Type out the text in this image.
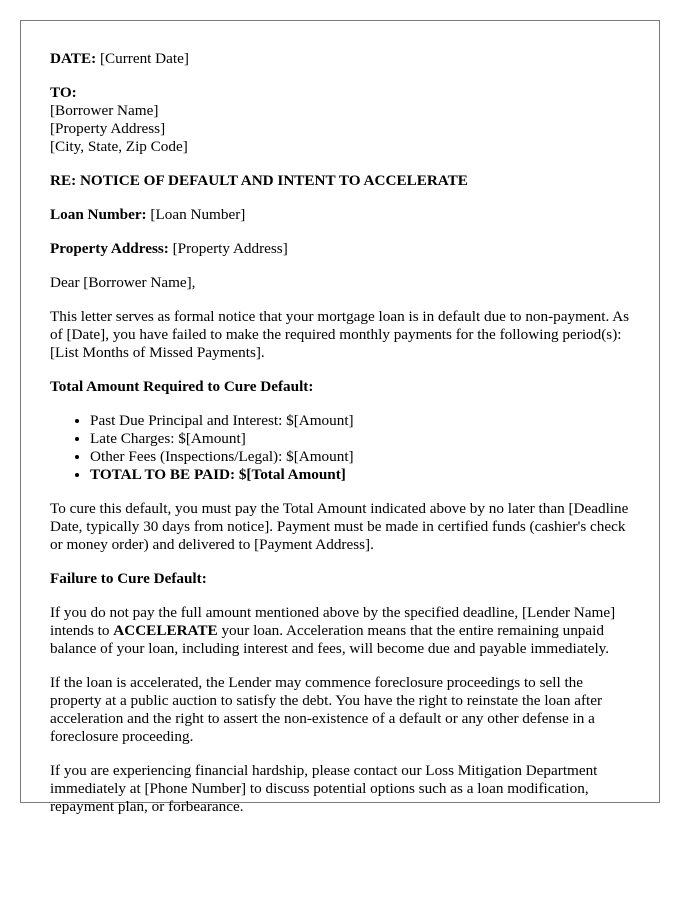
DATE: [Current Date]

TO:
[Borrower Name]
[Property Address]
[City, State, Zip Code]

RE: NOTICE OF DEFAULT AND INTENT TO ACCELERATE

Loan Number: [Loan Number]

Property Address: [Property Address]

Dear [Borrower Name],

This letter serves as formal notice that your mortgage loan is in default due to non-payment. As of [Date], you have failed to make the required monthly payments for the following period(s): [List Months of Missed Payments].

Total Amount Required to Cure Default:

• Past Due Principal and Interest: $[Amount]
• Late Charges: $[Amount]
• Other Fees (Inspections/Legal): $[Amount]
• TOTAL TO BE PAID: $[Total Amount]

To cure this default, you must pay the Total Amount indicated above by no later than [Deadline Date, typically 30 days from notice]. Payment must be made in certified funds (cashier's check or money order) and delivered to [Payment Address].

Failure to Cure Default:

If you do not pay the full amount mentioned above by the specified deadline, [Lender Name] intends to ACCELERATE your loan. Acceleration means that the entire remaining unpaid balance of your loan, including interest and fees, will become due and payable immediately.

If the loan is accelerated, the Lender may commence foreclosure proceedings to sell the property at a public auction to satisfy the debt. You have the right to reinstate the loan after acceleration and the right to assert the non-existence of a default or any other defense in a foreclosure proceeding.

If you are experiencing financial hardship, please contact our Loss Mitigation Department immediately at [Phone Number] to discuss potential options such as a loan modification, repayment plan, or forbearance.
